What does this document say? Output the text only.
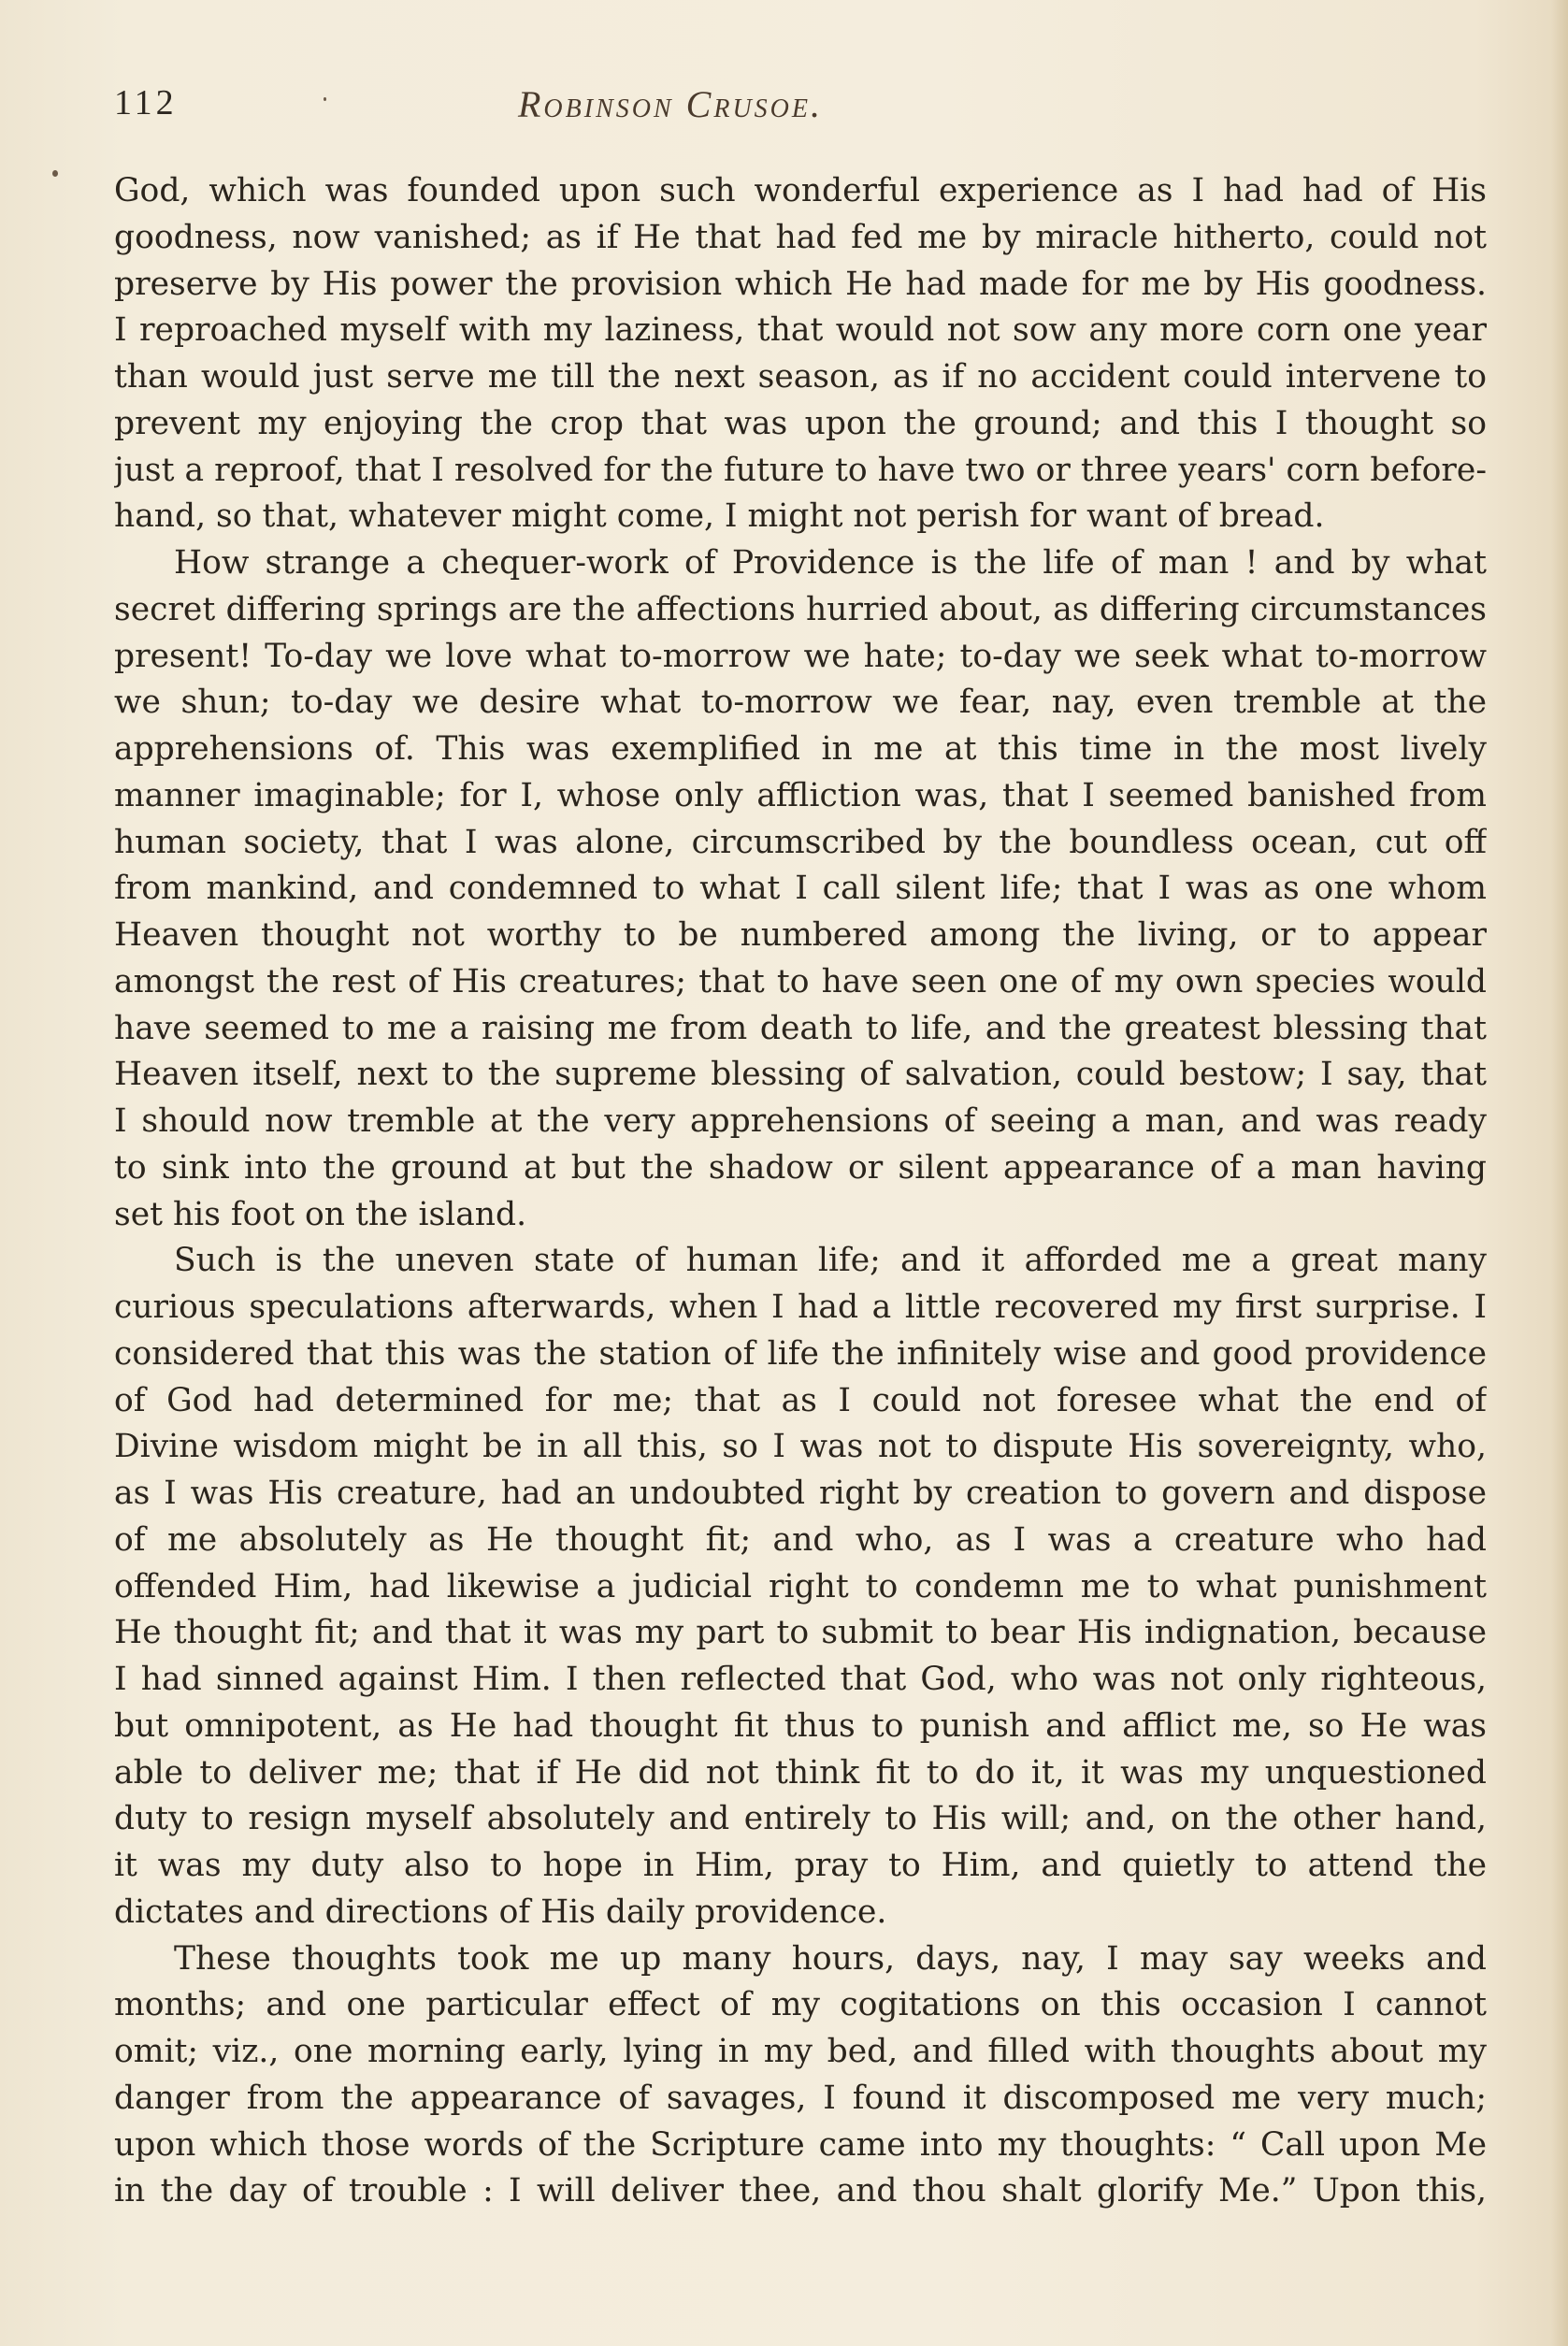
112	Robinson Crusoe.
God, which was founded upon such wonderful experience as I had had of His
goodness, now vanished; as if He that had fed me by miracle hitherto, could not
preserve by His power the provision which He had made for me by His goodness.
I reproached myself with my laziness, that would not sow any more corn one year
than would just serve me till the next season, as if no accident could intervene to
prevent my enjoying the crop that was upon the ground; and this I thought so
just a reproof, that I resolved for the future to have two or three years' corn before-
hand, so that, whatever might come, I might not perish for want of bread.
How strange a chequer-work of Providence is the life of man ! and by what
secret differing springs are the affections hurried about, as differing circumstances
present! To-day we love what to-morrow we hate; to-day we seek what to-morrow
we shun; to-day we desire what to-morrow we fear, nay, even tremble at the
apprehensions of. This was exemplified in me at this time in the most lively
manner imaginable; for I, whose only affliction was, that I seemed banished from
human society, that I was alone, circumscribed by the boundless ocean, cut off
from mankind, and condemned to what I call silent life; that I was as one whom
Heaven thought not worthy to be numbered among the living, or to appear
amongst the rest of His creatures; that to have seen one of my own species would
have seemed to me a raising me from death to life, and the greatest blessing that
Heaven itself, next to the supreme blessing of salvation, could bestow; I say, that
I should now tremble at the very apprehensions of seeing a man, and was ready
to sink into the ground at but the shadow or silent appearance of a man having
set his foot on the island.
Such is the uneven state of human life; and it afforded me a great many
curious speculations afterwards, when I had a little recovered my first surprise. I
considered that this was the station of life the infinitely wise and good providence
of God had determined for me; that as I could not foresee what the end of
Divine wisdom might be in all this, so I was not to dispute His sovereignty, who,
as I was His creature, had an undoubted right by creation to govern and dispose
of me absolutely as He thought fit; and who, as I was a creature who had
offended Him, had likewise a judicial right to condemn me to what punishment
He thought fit; and that it was my part to submit to bear His indignation, because
I had sinned against Him. I then reflected that God, who was not only righteous,
but omnipotent, as He had thought fit thus to punish and afflict me, so He was
able to deliver me; that if He did not think fit to do it, it was my unquestioned
duty to resign myself absolutely and entirely to His will; and, on the other hand,
it was my duty also to hope in Him, pray to Him, and quietly to attend the
dictates and directions of His daily providence.
These thoughts took me up many hours, days, nay, I may say weeks and
months; and one particular effect of my cogitations on this occasion I cannot
omit; viz., one morning early, lying in my bed, and filled with thoughts about my
danger from the appearance of savages, I found it discomposed me very much;
upon which those words of the Scripture came into my thoughts: “ Call upon Me
in the day of trouble : I will deliver thee, and thou shalt glorify Me.” Upon this,
